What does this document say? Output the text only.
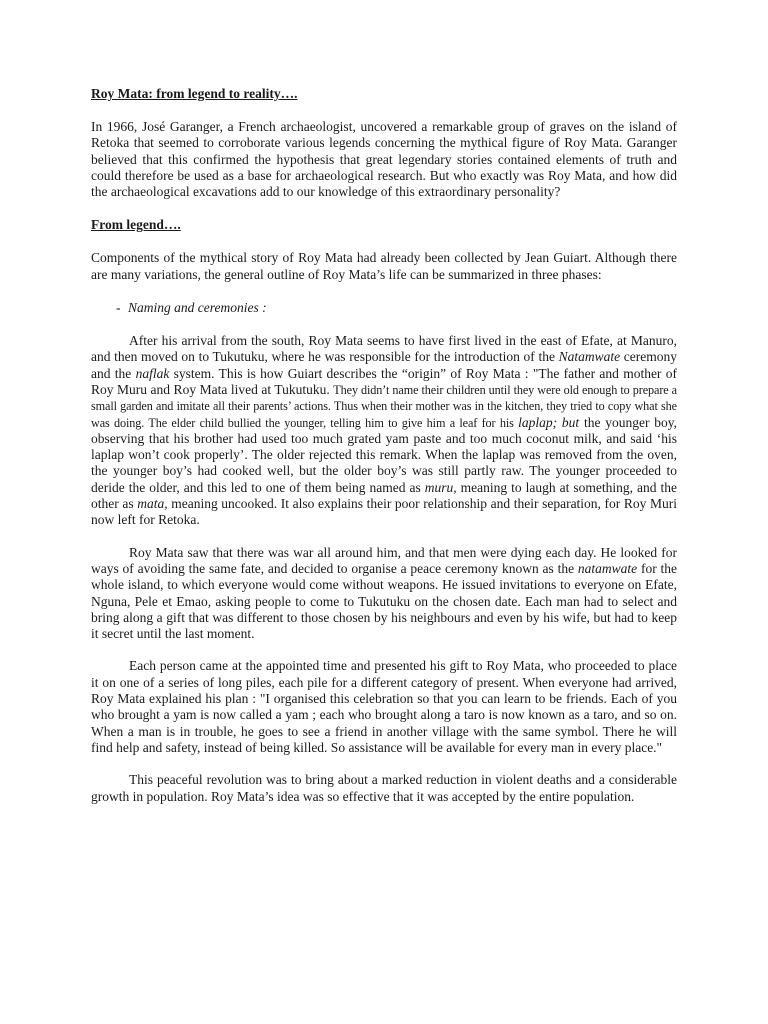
Roy Mata: from legend to reality….

In 1966, José Garanger, a French archaeologist, uncovered a remarkable group of graves on the island of Retoka that seemed to corroborate various legends concerning the mythical figure of Roy Mata. Garanger believed that this confirmed the hypothesis that great legendary stories contained elements of truth and could therefore be used as a base for archaeological research. But who exactly was Roy Mata, and how did the archaeological excavations add to our knowledge of this extraordinary personality?

From legend….

Components of the mythical story of Roy Mata had already been collected by Jean Guiart. Although there are many variations, the general outline of Roy Mata’s life can be summarized in three phases:

- Naming and ceremonies :

After his arrival from the south, Roy Mata seems to have first lived in the east of Efate, at Manuro, and then moved on to Tukutuku, where he was responsible for the introduction of the Natamwate ceremony and the naflak system. This is how Guiart describes the “origin” of Roy Mata : "The father and mother of Roy Muru and Roy Mata lived at Tukutuku. They didn’t name their children until they were old enough to prepare a small garden and imitate all their parents’ actions. Thus when their mother was in the kitchen, they tried to copy what she was doing. The elder child bullied the younger, telling him to give him a leaf for his laplap; but the younger boy, observing that his brother had used too much grated yam paste and too much coconut milk, and said ‘his laplap won’t cook properly’. The older rejected this remark. When the laplap was removed from the oven, the younger boy’s had cooked well, but the older boy’s was still partly raw. The younger proceeded to deride the older, and this led to one of them being named as muru, meaning to laugh at something, and the other as mata, meaning uncooked. It also explains their poor relationship and their separation, for Roy Muri now left for Retoka.

Roy Mata saw that there was war all around him, and that men were dying each day. He looked for ways of avoiding the same fate, and decided to organise a peace ceremony known as the natamwate for the whole island, to which everyone would come without weapons. He issued invitations to everyone on Efate, Nguna, Pele et Emao, asking people to come to Tukutuku on the chosen date. Each man had to select and bring along a gift that was different to those chosen by his neighbours and even by his wife, but had to keep it secret until the last moment.

Each person came at the appointed time and presented his gift to Roy Mata, who proceeded to place it on one of a series of long piles, each pile for a different category of present. When everyone had arrived, Roy Mata explained his plan : "I organised this celebration so that you can learn to be friends. Each of you who brought a yam is now called a yam ; each who brought along a taro is now known as a taro, and so on. When a man is in trouble, he goes to see a friend in another village with the same symbol. There he will find help and safety, instead of being killed. So assistance will be available for every man in every place."

This peaceful revolution was to bring about a marked reduction in violent deaths and a considerable growth in population. Roy Mata’s idea was so effective that it was accepted by the entire population.
